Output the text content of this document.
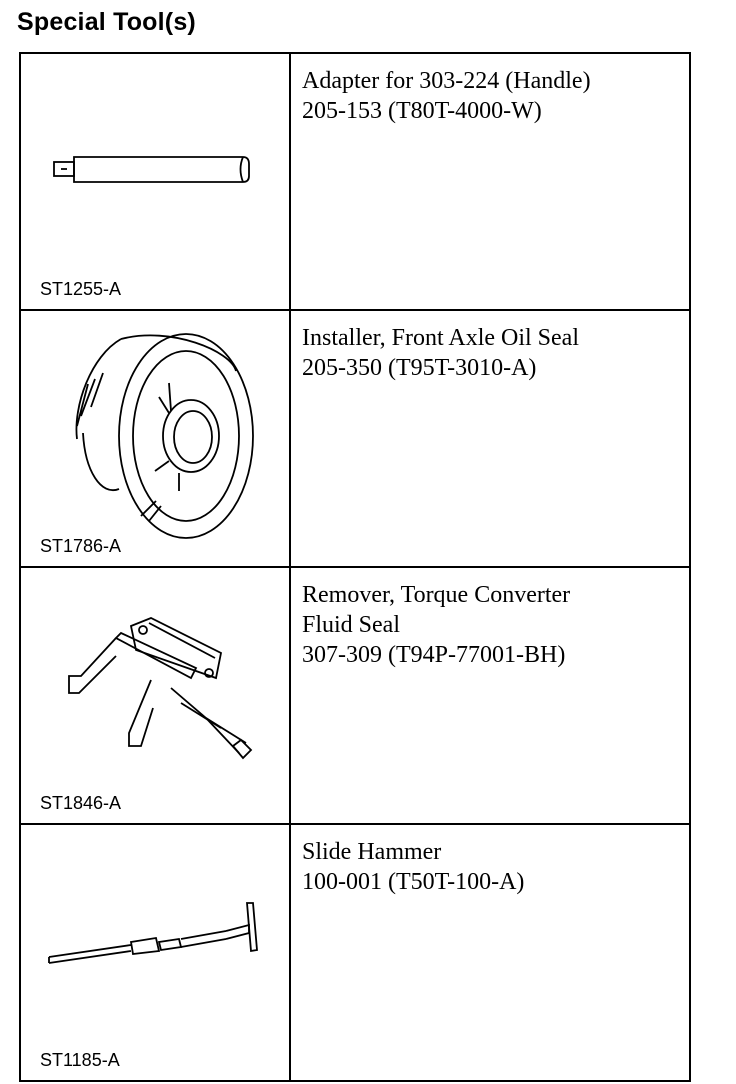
Special Tool(s)
ST1255-A	Adapter for 303-224 (Handle)
205-153 (T80T-4000-W)

ST1786-A	Installer, Front Axle Oil Seal
205-350 (T95T-3010-A)

ST1846-A	Remover, Torque Converter
Fluid Seal
307-309 (T94P-77001-BH)

ST1185-A	Slide Hammer
100-001 (T50T-100-A)
